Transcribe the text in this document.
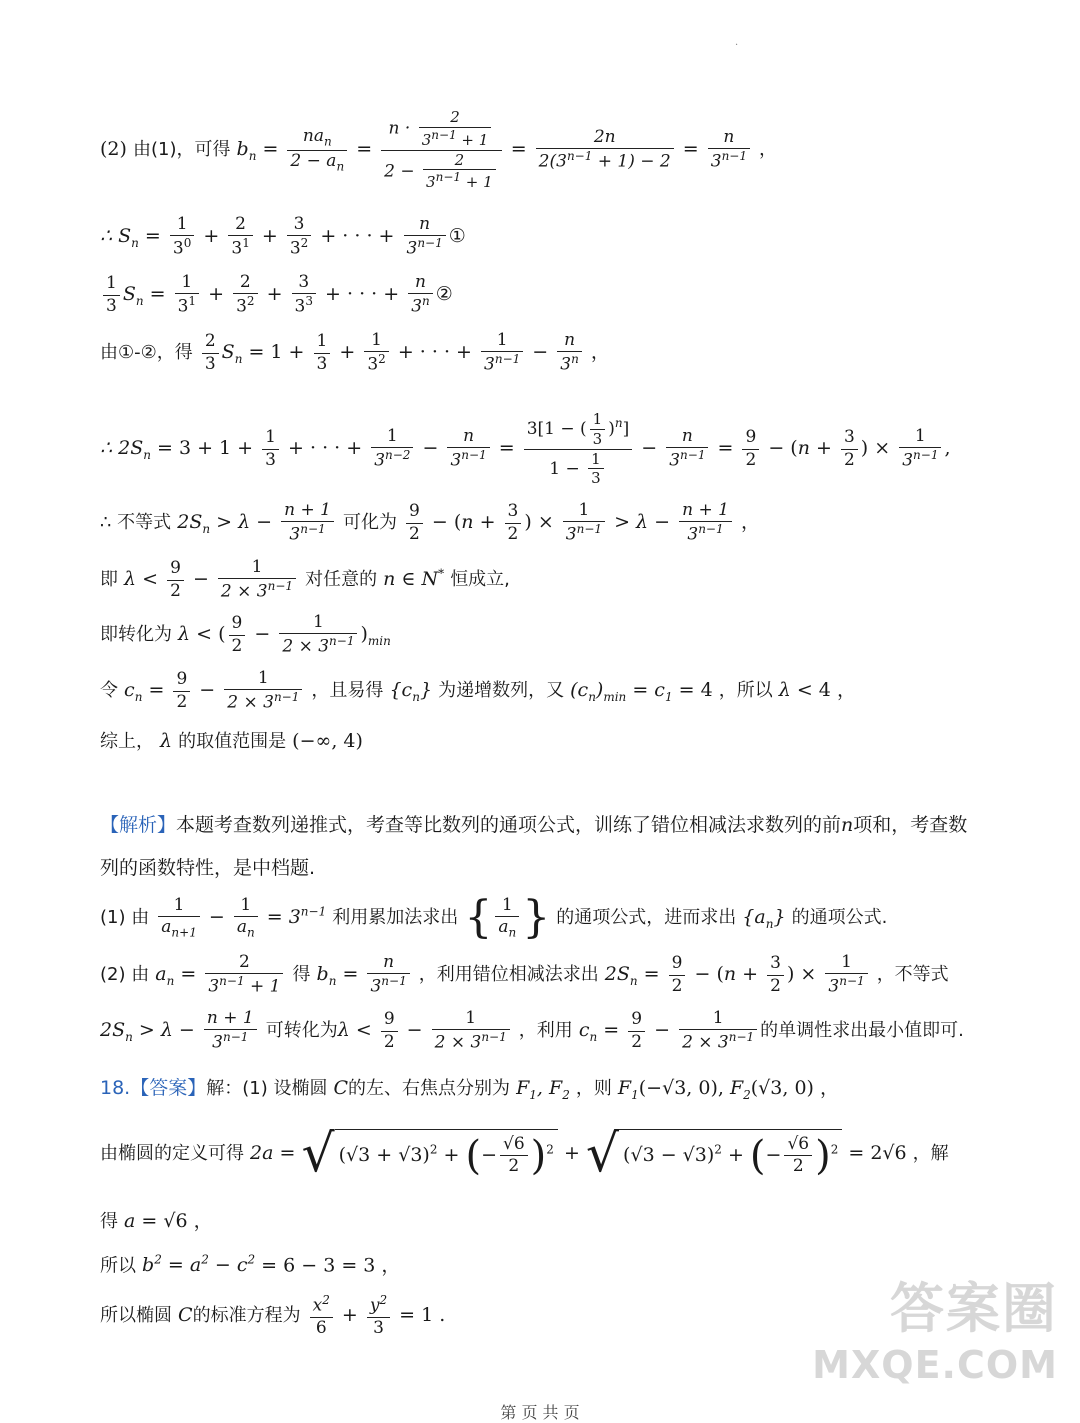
·
(2) 由(1)，可得 $b_n = \frac{na_n}{2 - a_n} = \frac{n \cdot \frac{2}{3^{n-1} + 1}}{2 - \frac{2}{3^{n-1} + 1}} = \frac{2n}{2(3^{n-1} + 1) - 2} = \frac{n}{3^{n-1}}$ ，
∴ $S_n = \frac{1}{3^0} + \frac{2}{3^1} + \frac{3}{3^2}$ + · · · + $\frac{n}{3^{n-1}}$ ①
$\frac{1}{3} S_n = \frac{1}{3^1} + \frac{2}{3^2} + \frac{3}{3^3}$ + · · · + $\frac{n}{3^n}$ ②
由①-②，得 $\frac{2}{3} S_n = 1 + \frac{1}{3} + \frac{1}{3^2}$ + · · · + $\frac{1}{3^{n-1}} - \frac{n}{3^n}$ ，
∴ $2S_n = 3 + 1 + \frac{1}{3}$ + · · · + $\frac{1}{3^{n-2}} - \frac{n}{3^{n-1}} = \frac{3[1 - ( \frac{1}{3} )^n]}{1 - \frac{1}{3}} - \frac{n}{3^{n-1}} = \frac{9}{2} - (n + \frac{3}{2}$ ) × $\frac{1}{3^{n-1}}$ ,
∴ 不等式 $2S_n > \lambda - \frac{n + 1}{3^{n-1}}$ 可化为 $\frac{9}{2} - (n + \frac{3}{2}$ ) × $\frac{1}{3^{n-1}} > \lambda - \frac{n + 1}{3^{n-1}}$ ，
即 $\lambda < \frac{9}{2} - \frac{1}{2 \times 3^{n-1}}$ 对任意的 n ∈ N* 恒成立,
即转化为 λ < ( $\frac{9}{2} - \frac{1}{2 \times 3^{n-1}} )_{min}$
令 $c_n = \frac{9}{2} - \frac{1}{2 \times 3^{n-1}}$ ，且易得 $\{c_n\}$ 为递增数列，又 $(c_n)_{min} = c_1 = 4$ ，所以 λ < 4 ，
综上， λ 的取值范围是 (−∞, 4)
【解析】本题考查数列递推式，考查等比数列的通项公式，训练了错位相减法求数列的前n项和，考查数
列的函数特性，是中档题.
(1) 由 $\frac{1}{a_{n+1}} - \frac{1}{a_n} = 3^{n-1}$ 利用累加法求出 { $\frac{1}{a_n}$ } 的通项公式，进而求出 $\{a_n\}$ 的通项公式.
(2) 由 $a_n = \frac{2}{3^{n-1} + 1}$ 得 $b_n = \frac{n}{3^{n-1}}$ ，利用错位相减法求出 $2S_n = \frac{9}{2} - (n + \frac{3}{2}$ ) × $\frac{1}{3^{n-1}}$ ，不等式
$2S_n > \lambda - \frac{n + 1}{3^{n-1}}$ 可转化为$\lambda < \frac{9}{2} - \frac{1}{2 \times 3^{n-1}}$ ，利用 $c_n = \frac{9}{2} - \frac{1}{2 \times 3^{n-1}}$ 的单调性求出最小值即可.
18.【答案】解：(1) 设椭圆 C的左、右焦点分别为 $F_1$, $F_2$ ，则 $F_1(-√3$, 0), $F_2(√3$, 0) ，
由椭圆的定义可得 2a = √ $(√3 + √3)^2$ + (− $\frac{√6}{2} )^2$ + √ $(√3 - √3)^2$ + (− $\frac{√6}{2} )^2 = 2√6$ ，解
得 a = √6 ，
所以 $b^2 = a^2 - c^2 = 6 - 3 = 3$ ，
所以椭圆 C的标准方程为 $\frac{x^2}{6} + \frac{y^2}{3} = 1$ .	答案圈
MXQE.COM
第 页 共 页
